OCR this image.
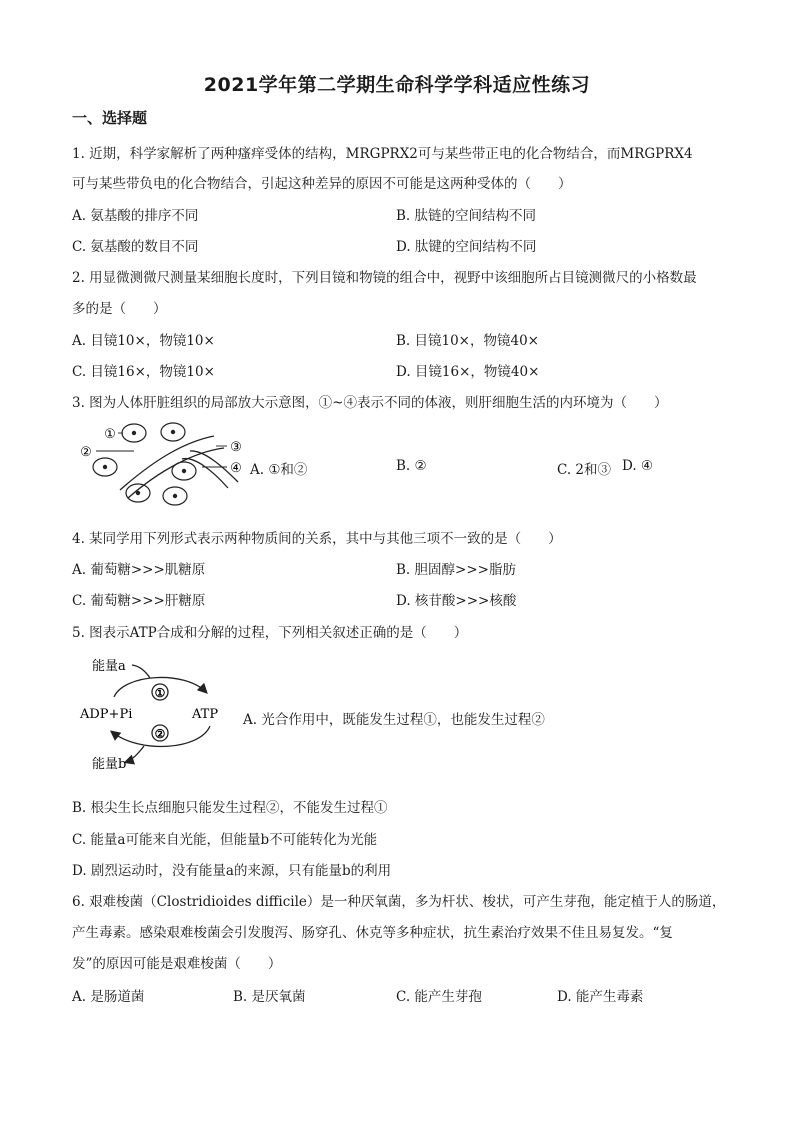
2021学年第二学期生命科学学科适应性练习
一、选择题
1. 近期，科学家解析了两种瘙痒受体的结构，MRGPRX2可与某些带正电的化合物结合，而MRGPRX4
可与某些带负电的化合物结合，引起这种差异的原因不可能是这两种受体的（　　）
A. 氨基酸的排序不同	B. 肽链的空间结构不同
C. 氨基酸的数目不同	D. 肽键的空间结构不同
2. 用显微测微尺测量某细胞长度时，下列目镜和物镜的组合中，视野中该细胞所占目镜测微尺的小格数最
多的是（　　）
A. 目镜10×，物镜10×	B. 目镜10×，物镜40×
C. 目镜16×，物镜10×	D. 目镜16×，物镜40×
3. 图为人体肝脏组织的局部放大示意图，①~④表示不同的体液，则肝细胞生活的内环境为（　　）
①
②	③
④ A. ①和②	B. ②	C. 2和③ D. ④
4. 某同学用下列形式表示两种物质间的关系，其中与其他三项不一致的是（　　）
A. 葡萄糖>>>肌糖原	B. 胆固醇>>>脂肪
C. 葡萄糖>>>肝糖原	D. 核苷酸>>>核酸
5. 图表示ATP合成和分解的过程，下列相关叙述正确的是（　　）
能量a
ADP+Pi	ATP
能量b
①
②
A. 光合作用中，既能发生过程①，也能发生过程②
B. 根尖生长点细胞只能发生过程②，不能发生过程①
C. 能量a可能来自光能，但能量b不可能转化为光能
D. 剧烈运动时，没有能量a的来源，只有能量b的利用
6. 艰难梭菌（Clostridioides difficile）是一种厌氧菌，多为杆状、梭状，可产生芽孢，能定植于人的肠道，
产生毒素。感染艰难梭菌会引发腹泻、肠穿孔、休克等多种症状，抗生素治疗效果不佳且易复发。“复
发”的原因可能是艰难梭菌（　　）
A. 是肠道菌	B. 是厌氧菌	C. 能产生芽孢	D. 能产生毒素
